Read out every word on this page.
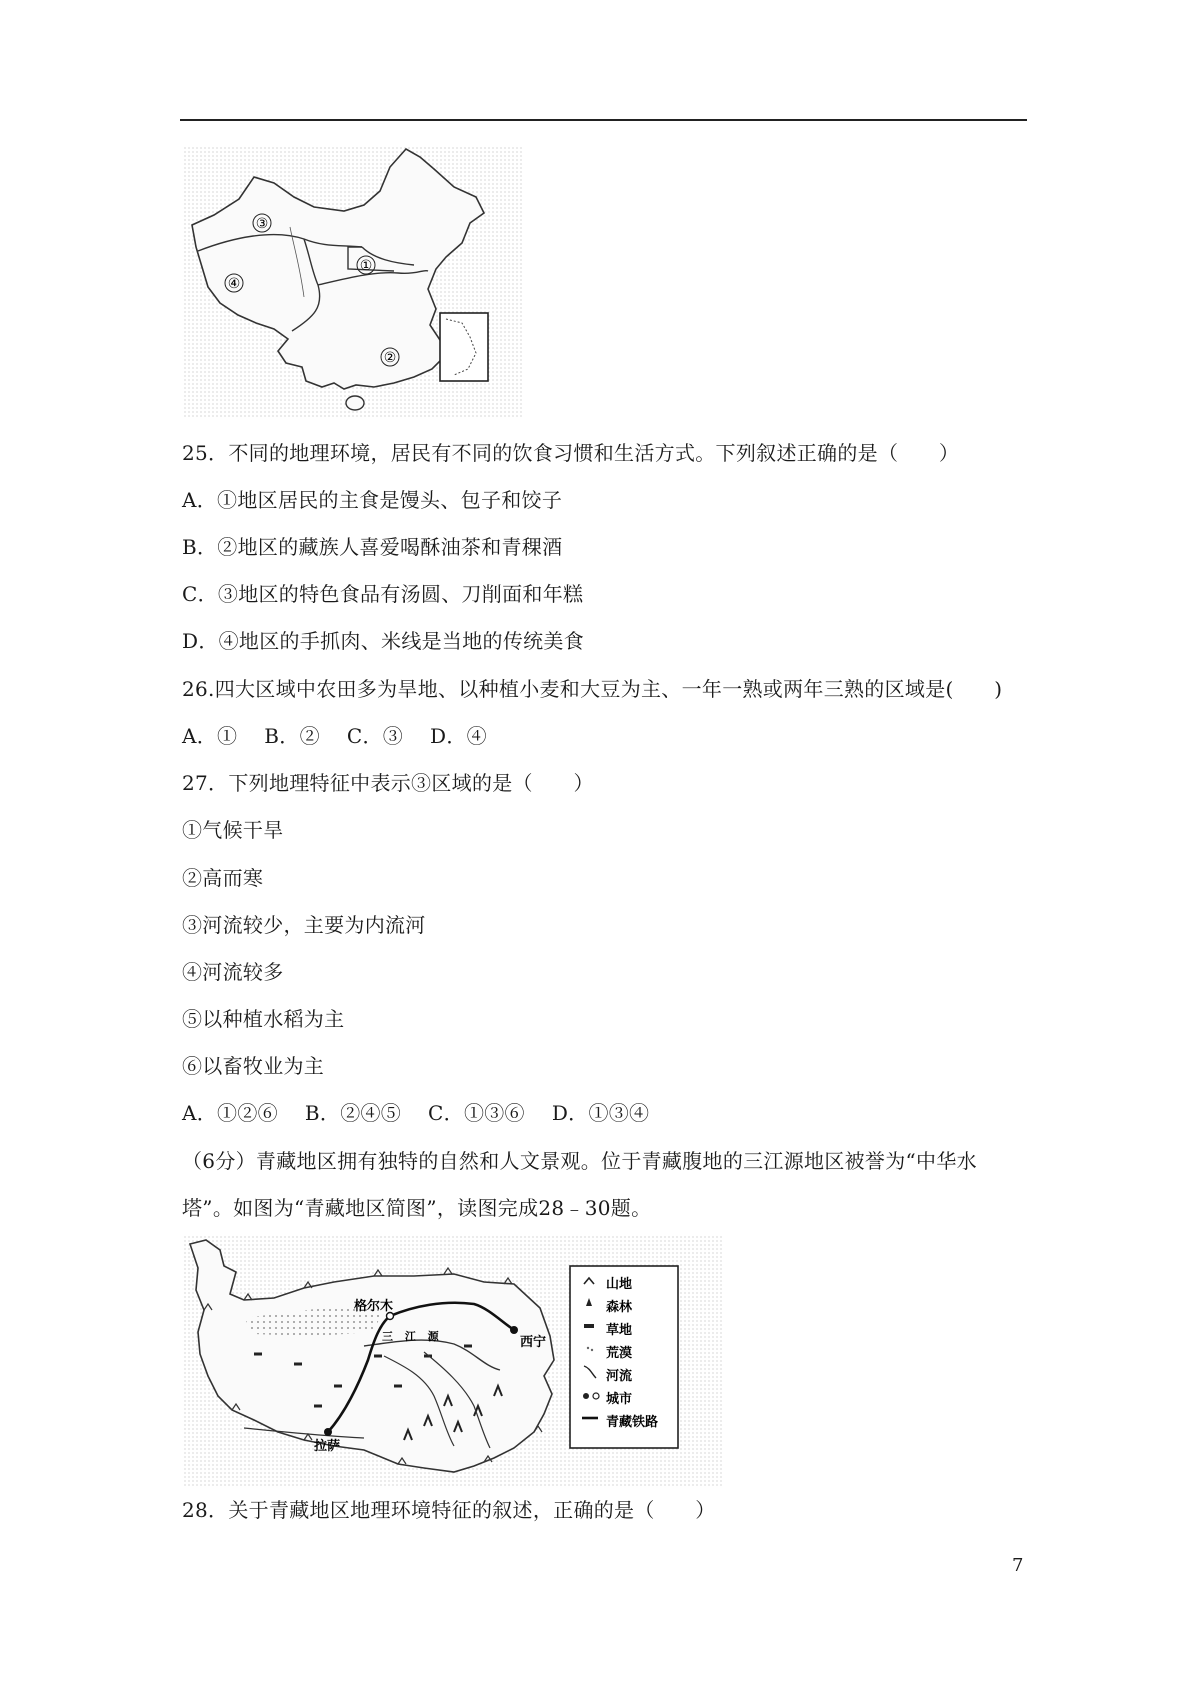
③
①
④
②
25．不同的地理环境，居民有不同的饮食习惯和生活方式。下列叙述正确的是（　　）
A．①地区居民的主食是馒头、包子和饺子
B．②地区的藏族人喜爱喝酥油茶和青稞酒
C．③地区的特色食品有汤圆、刀削面和年糕
D．④地区的手抓肉、米线是当地的传统美食
26.四大区域中农田多为旱地、以种植小麦和大豆为主、一年一熟或两年三熟的区域是(　　)
A．①　 B．②　 C．③　 D．④
27．下列地理特征中表示③区域的是（　　）
①气候干旱
②高而寒
③河流较少，主要为内流河
④河流较多
⑤以种植水稻为主
⑥以畜牧业为主
A．①②⑥　 B．②④⑤　 C．①③⑥　 D．①③④
（6分）青藏地区拥有独特的自然和人文景观。位于青藏腹地的三江源地区被誉为“中华水
塔”。如图为“青藏地区简图”，读图完成28﹣30题。
格尔木
西宁
拉萨
三 江 源
山地
森林
草地
荒漠
河流
城市
青藏铁路
28．关于青藏地区地理环境特征的叙述，正确的是（　　）
7
